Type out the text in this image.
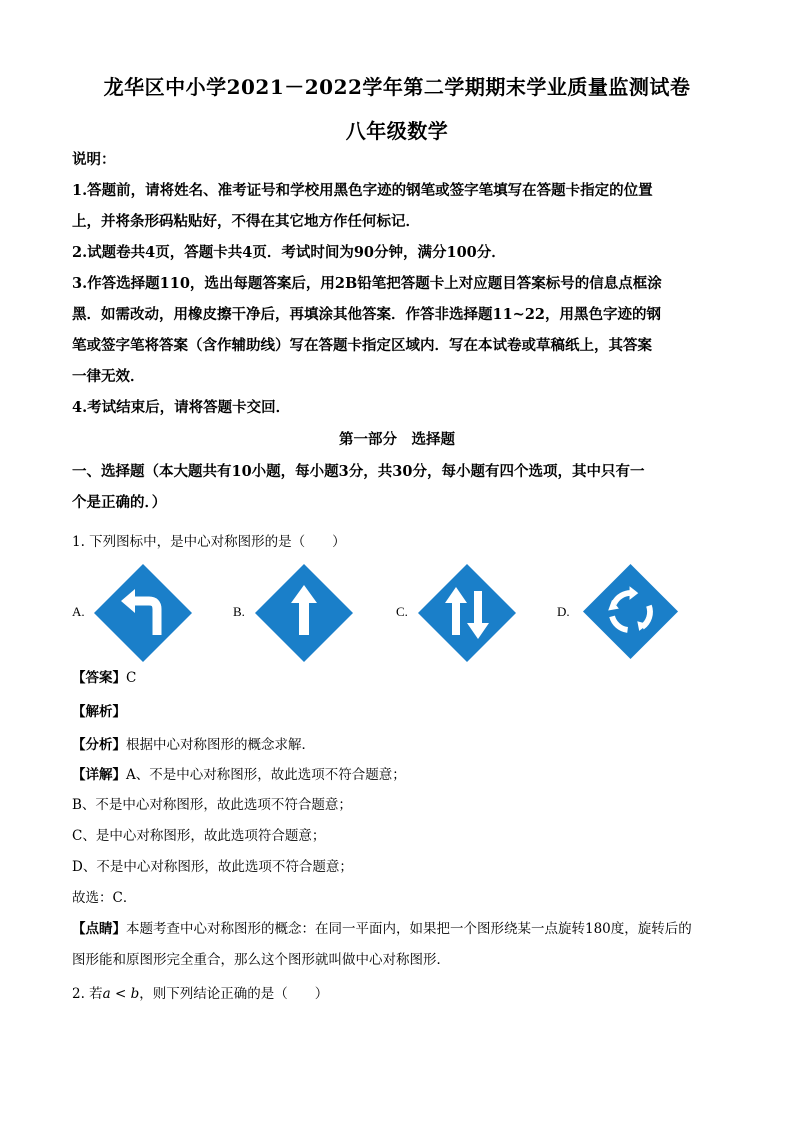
龙华区中小学2021－2022学年第二学期期末学业质量监测试卷
八年级数学
说明：
1.答题前，请将姓名、准考证号和学校用黑色字迹的钢笔或签字笔填写在答题卡指定的位置
上，并将条形码粘贴好，不得在其它地方作任何标记．
2.试题卷共4页，答题卡共4页．考试时间为90分钟，满分100分．
3.作答选择题110，选出每题答案后，用2B铅笔把答题卡上对应题目答案标号的信息点框涂
黑．如需改动，用橡皮擦干净后，再填涂其他答案．作答非选择题11~22，用黑色字迹的钢
笔或签字笔将答案（含作辅助线）写在答题卡指定区域内．写在本试卷或草稿纸上，其答案
一律无效．
4.考试结束后，请将答题卡交回．
第一部分　选择题
一、选择题（本大题共有10小题，每小题3分，共30分，每小题有四个选项，其中只有一
个是正确的．）
1. 下列图标中，是中心对称图形的是（　　）
A.	B.	C.	D.
【答案】C
【解析】
【分析】根据中心对称图形的概念求解．
【详解】A、不是中心对称图形，故此选项不符合题意；
B、不是中心对称图形，故此选项不符合题意；
C、是中心对称图形，故此选项符合题意；
D、不是中心对称图形，故此选项不符合题意；
故选：C．
【点睛】本题考查中心对称图形的概念：在同一平面内，如果把一个图形绕某一点旋转180度，旋转后的
图形能和原图形完全重合，那么这个图形就叫做中心对称图形．
2. 若a < b，则下列结论正确的是（　　）
